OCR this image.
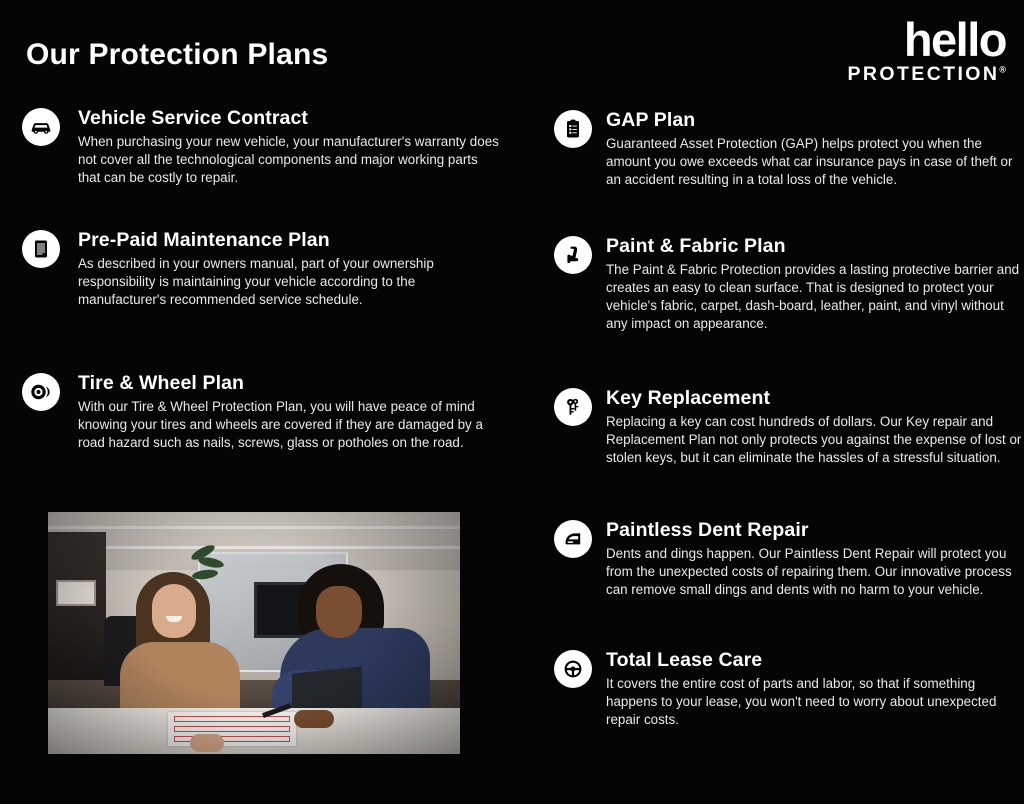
Our Protection Plans	hello
PROTECTION®
Vehicle Service Contract

When purchasing your new vehicle, your manufacturer's warranty does not cover all the technological components and major working parts that can be costly to repair.

Pre-Paid Maintenance Plan

As described in your owners manual, part of your ownership responsibility is maintaining your vehicle according to the manufacturer's recommended service schedule.

Tire & Wheel Plan

With our Tire & Wheel Protection Plan, you will have peace of mind knowing your tires and wheels are covered if they are damaged by a road hazard such as nails, screws, glass or potholes on the road.

GAP Plan

Guaranteed Asset Protection (GAP) helps protect you when the amount you owe exceeds what car insurance pays in case of theft or an accident resulting in a total loss of the vehicle.

Paint & Fabric Plan

The Paint & Fabric Protection provides a lasting protective barrier and creates an easy to clean surface. That is designed to protect your vehicle's fabric, carpet, dash-board, leather, paint, and vinyl without any impact on appearance.

Key Replacement

Replacing a key can cost hundreds of dollars. Our Key repair and Replacement Plan not only protects you against the expense of lost or stolen keys, but it can eliminate the hassles of a stressful situation.

Paintless Dent Repair

Dents and dings happen. Our Paintless Dent Repair will protect you from the unexpected costs of repairing them. Our innovative process can remove small dings and dents with no harm to your vehicle.

Total Lease Care

It covers the entire cost of parts and labor, so that if something happens to your lease, you won't need to worry about unexpected repair costs.
